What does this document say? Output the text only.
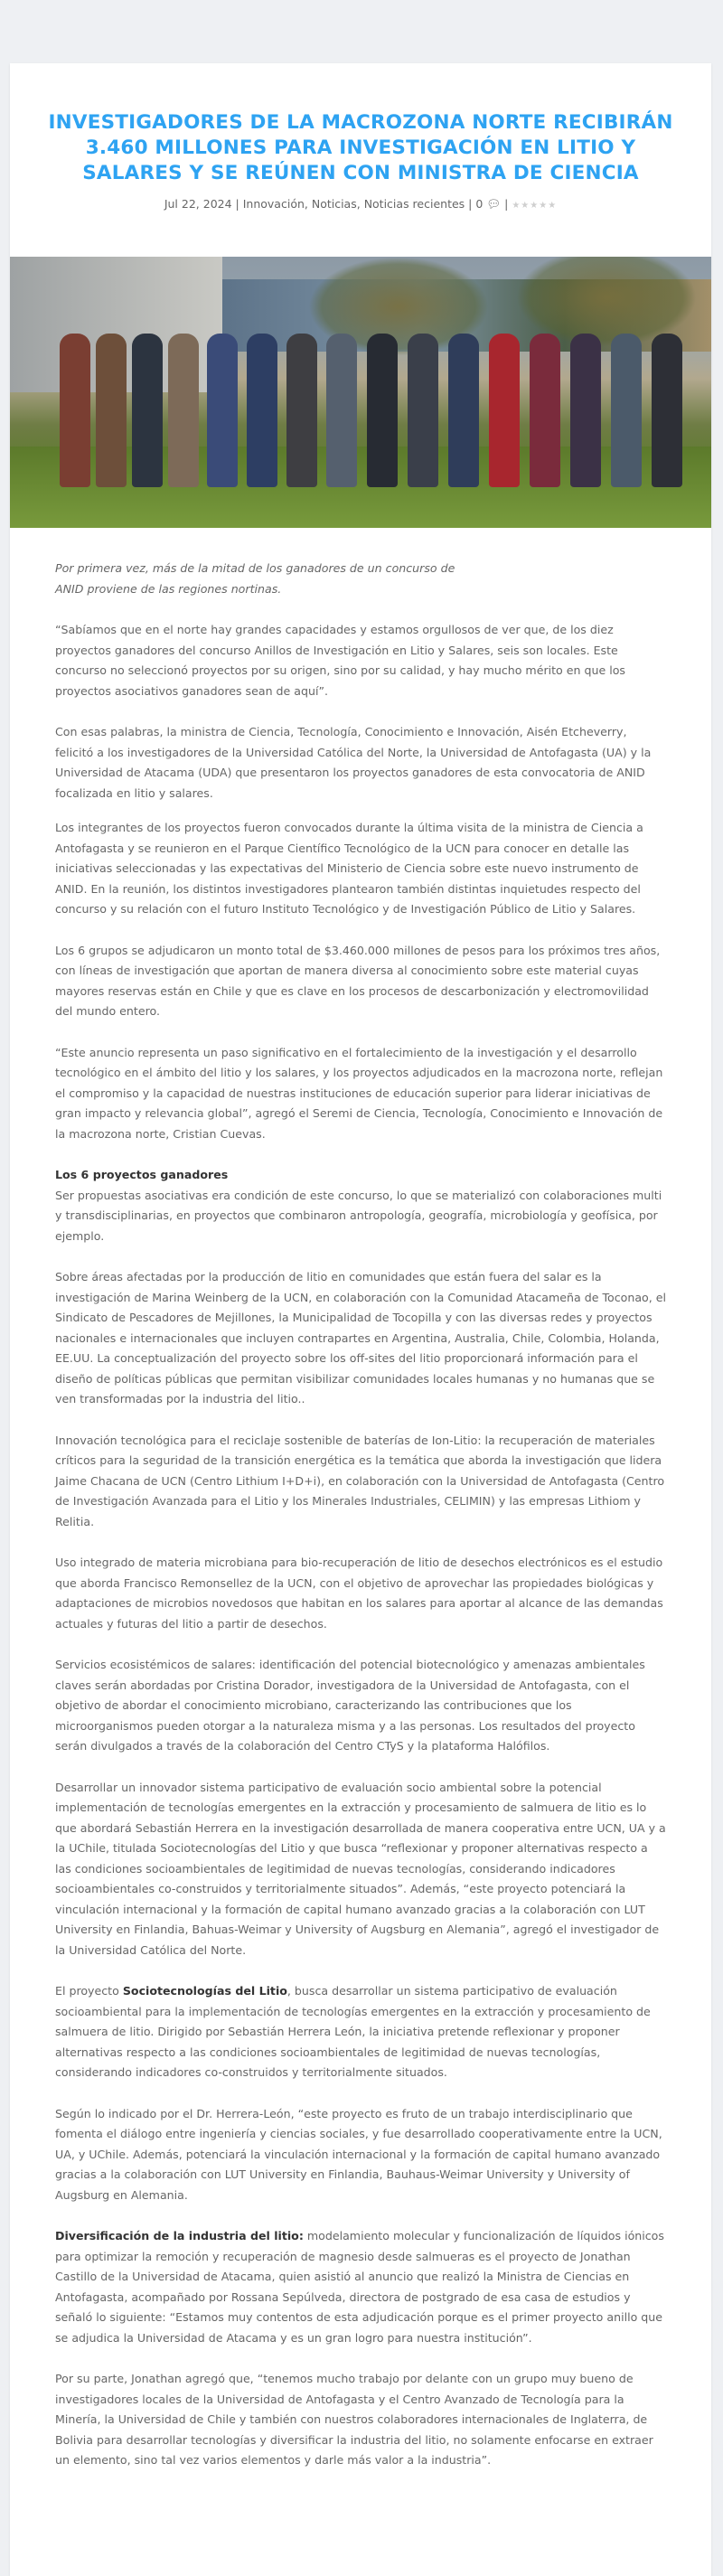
INVESTIGADORES DE LA MACROZONA NORTE RECIBIRÁN 3.460 MILLONES PARA INVESTIGACIÓN EN LITIO Y SALARES Y SE REÚNEN CON MINISTRA DE CIENCIA
Jul 22, 2024 | Innovación, Noticias, Noticias recientes | 0 💬︎ | ★★★★★

Por primera vez, más de la mitad de los ganadores de un concurso de
ANID proviene de las regiones nortinas.

“Sabíamos que en el norte hay grandes capacidades y estamos orgullosos de ver que, de los diez proyectos ganadores del concurso Anillos de Investigación en Litio y Salares, seis son locales. Este concurso no seleccionó proyectos por su origen, sino por su calidad, y hay mucho mérito en que los proyectos asociativos ganadores sean de aquí”.

Con esas palabras, la ministra de Ciencia, Tecnología, Conocimiento e Innovación, Aisén Etcheverry, felicitó a los investigadores de la Universidad Católica del Norte, la Universidad de Antofagasta (UA) y la Universidad de Atacama (UDA) que presentaron los proyectos ganadores de esta convocatoria de ANID focalizada en litio y salares.

Los integrantes de los proyectos fueron convocados durante la última visita de la ministra de Ciencia a Antofagasta y se reunieron en el Parque Científico Tecnológico de la UCN para conocer en detalle las iniciativas seleccionadas y las expectativas del Ministerio de Ciencia sobre este nuevo instrumento de ANID. En la reunión, los distintos investigadores plantearon también distintas inquietudes respecto del concurso y su relación con el futuro Instituto Tecnológico y de Investigación Público de Litio y Salares.

Los 6 grupos se adjudicaron un monto total de $3.460.000 millones de pesos para los próximos tres años, con líneas de investigación que aportan de manera diversa al conocimiento sobre este material cuyas mayores reservas están en Chile y que es clave en los procesos de descarbonización y electromovilidad del mundo entero.

“Este anuncio representa un paso significativo en el fortalecimiento de la investigación y el desarrollo tecnológico en el ámbito del litio y los salares, y los proyectos adjudicados en la macrozona norte, reflejan el compromiso y la capacidad de nuestras instituciones de educación superior para liderar iniciativas de gran impacto y relevancia global”, agregó el Seremi de Ciencia, Tecnología, Conocimiento e Innovación de la macrozona norte, Cristian Cuevas.

Los 6 proyectos ganadores
Ser propuestas asociativas era condición de este concurso, lo que se materializó con colaboraciones multi y transdisciplinarias, en proyectos que combinaron antropología, geografía, microbiología y geofísica, por ejemplo.

Sobre áreas afectadas por la producción de litio en comunidades que están fuera del salar es la investigación de Marina Weinberg de la UCN, en colaboración con la Comunidad Atacameña de Toconao, el Sindicato de Pescadores de Mejillones, la Municipalidad de Tocopilla y con las diversas redes y proyectos nacionales e internacionales que incluyen contrapartes en Argentina, Australia, Chile, Colombia, Holanda, EE.UU. La conceptualización del proyecto sobre los off-sites del litio proporcionará información para el diseño de políticas públicas que permitan visibilizar comunidades locales humanas y no humanas que se ven transformadas por la industria del litio..

Innovación tecnológica para el reciclaje sostenible de baterías de Ion-Litio: la recuperación de materiales críticos para la seguridad de la transición energética es la temática que aborda la investigación que lidera Jaime Chacana de UCN (Centro Lithium I+D+i), en colaboración con la Universidad de Antofagasta (Centro de Investigación Avanzada para el Litio y los Minerales Industriales, CELIMIN) y las empresas Lithiom y Relitia.

Uso integrado de materia microbiana para bio-recuperación de litio de desechos electrónicos es el estudio que aborda Francisco Remonsellez de la UCN, con el objetivo de aprovechar las propiedades biológicas y adaptaciones de microbios novedosos que habitan en los salares para aportar al alcance de las demandas actuales y futuras del litio a partir de desechos.

Servicios ecosistémicos de salares: identificación del potencial biotecnológico y amenazas ambientales claves serán abordadas por Cristina Dorador, investigadora de la Universidad de Antofagasta, con el objetivo de abordar el conocimiento microbiano, caracterizando las contribuciones que los microorganismos pueden otorgar a la naturaleza misma y a las personas. Los resultados del proyecto serán divulgados a través de la colaboración del Centro CTyS y la plataforma Halófilos.

Desarrollar un innovador sistema participativo de evaluación socio ambiental sobre la potencial implementación de tecnologías emergentes en la extracción y procesamiento de salmuera de litio es lo que abordará Sebastián Herrera en la investigación desarrollada de manera cooperativa entre UCN, UA y a la UChile, titulada Sociotecnologías del Litio y que busca “reflexionar y proponer alternativas respecto a las condiciones socioambientales de legitimidad de nuevas tecnologías, considerando indicadores socioambientales co-construidos y territorialmente situados”. Además, “este proyecto potenciará la vinculación internacional y la formación de capital humano avanzado gracias a la colaboración con LUT University en Finlandia, Bahuas-Weimar y University of Augsburg en Alemania”, agregó el investigador de la Universidad Católica del Norte.

El proyecto Sociotecnologías del Litio, busca desarrollar un sistema participativo de evaluación socioambiental para la implementación de tecnologías emergentes en la extracción y procesamiento de salmuera de litio. Dirigido por Sebastián Herrera León, la iniciativa pretende reflexionar y proponer alternativas respecto a las condiciones socioambientales de legitimidad de nuevas tecnologías, considerando indicadores co-construidos y territorialmente situados.

Según lo indicado por el Dr. Herrera-León, “este proyecto es fruto de un trabajo interdisciplinario que fomenta el diálogo entre ingeniería y ciencias sociales, y fue desarrollado cooperativamente entre la UCN, UA, y UChile. Además, potenciará la vinculación internacional y la formación de capital humano avanzado gracias a la colaboración con LUT University en Finlandia, Bauhaus-Weimar University y University of Augsburg en Alemania.

Diversificación de la industria del litio: modelamiento molecular y funcionalización de líquidos iónicos para optimizar la remoción y recuperación de magnesio desde salmueras es el proyecto de Jonathan Castillo de la Universidad de Atacama, quien asistió al anuncio que realizó la Ministra de Ciencias en Antofagasta, acompañado por Rossana Sepúlveda, directora de postgrado de esa casa de estudios y señaló lo siguiente: “Estamos muy contentos de esta adjudicación porque es el primer proyecto anillo que se adjudica la Universidad de Atacama y es un gran logro para nuestra institución”.

Por su parte, Jonathan agregó que, “tenemos mucho trabajo por delante con un grupo muy bueno de investigadores locales de la Universidad de Antofagasta y el Centro Avanzado de Tecnología para la Minería, la Universidad de Chile y también con nuestros colaboradores internacionales de Inglaterra, de Bolivia para desarrollar tecnologías y diversificar la industria del litio, no solamente enfocarse en extraer un elemento, sino tal vez varios elementos y darle más valor a la industria”.
